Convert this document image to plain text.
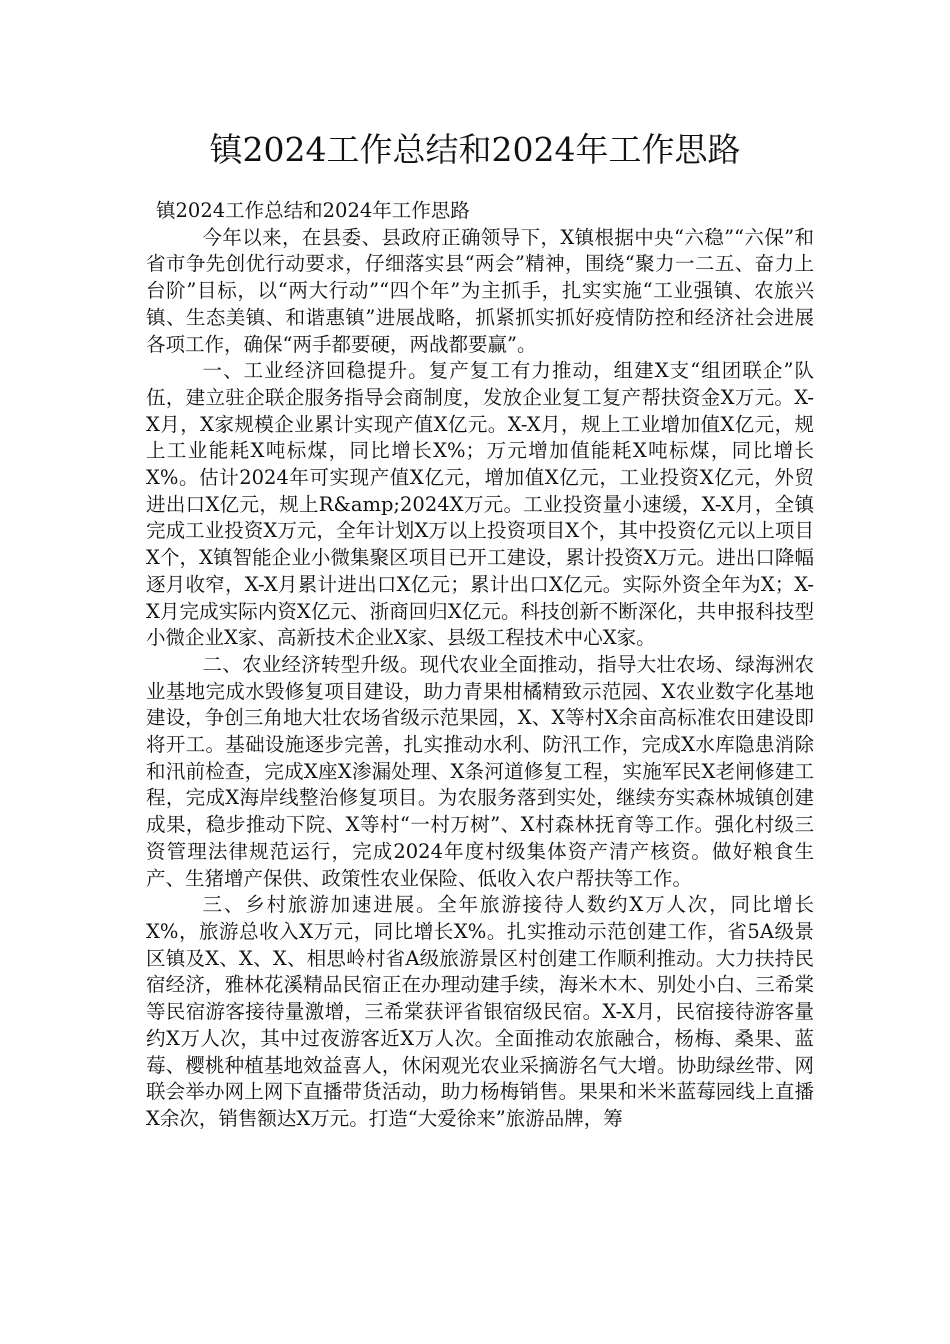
镇2024工作总结和2024年工作思路

镇2024工作总结和2024年工作思路

今年以来，在县委、县政府正确领导下，X镇根据中央“六稳”“六保”和省市争先创优行动要求，仔细落实县“两会”精神，围绕“聚力一二五、奋力上台阶”目标，以“两大行动”“四个年”为主抓手，扎实实施“工业强镇、农旅兴镇、生态美镇、和谐惠镇”进展战略，抓紧抓实抓好疫情防控和经济社会进展各项工作，确保“两手都要硬，两战都要赢”。

一、工业经济回稳提升。复产复工有力推动，组建X支“组团联企”队伍，建立驻企联企服务指导会商制度，发放企业复工复产帮扶资金X万元。X-X月，X家规模企业累计实现产值X亿元。X-X月，规上工业增加值X亿元，规上工业能耗X吨标煤，同比增长X%；万元增加值能耗X吨标煤，同比增长X%。估计2024年可实现产值X亿元，增加值X亿元，工业投资X亿元，外贸进出口X亿元，规上R&amp;2024X万元。工业投资量小速缓，X-X月，全镇完成工业投资X万元，全年计划X万以上投资项目X个，其中投资亿元以上项目X个，X镇智能企业小微集聚区项目已开工建设，累计投资X万元。进出口降幅逐月收窄，X-X月累计进出口X亿元；累计出口X亿元。实际外资全年为X；X-X月完成实际内资X亿元、浙商回归X亿元。科技创新不断深化，共申报科技型小微企业X家、高新技术企业X家、县级工程技术中心X家。

二、农业经济转型升级。现代农业全面推动，指导大壮农场、绿海洲农业基地完成水毁修复项目建设，助力青果柑橘精致示范园、X农业数字化基地建设，争创三角地大壮农场省级示范果园，X、X等村X余亩高标准农田建设即将开工。基础设施逐步完善，扎实推动水利、防汛工作，完成X水库隐患消除和汛前检查，完成X座X渗漏处理、X条河道修复工程，实施军民X老闸修建工程，完成X海岸线整治修复项目。为农服务落到实处，继续夯实森林城镇创建成果，稳步推动下院、X等村“一村万树”、X村森林抚育等工作。强化村级三资管理法律规范运行，完成2024年度村级集体资产清产核资。做好粮食生产、生猪增产保供、政策性农业保险、低收入农户帮扶等工作。

三、乡村旅游加速进展。全年旅游接待人数约X万人次，同比增长X%，旅游总收入X万元，同比增长X%。扎实推动示范创建工作，省5A级景区镇及X、X、X、相思岭村省A级旅游景区村创建工作顺利推动。大力扶持民宿经济，雅林花溪精品民宿正在办理动建手续，海米木木、别处小白、三希棠等民宿游客接待量激增，三希棠获评省银宿级民宿。X-X月，民宿接待游客量约X万人次，其中过夜游客近X万人次。全面推动农旅融合，杨梅、桑果、蓝莓、樱桃种植基地效益喜人，休闲观光农业采摘游名气大增。协助绿丝带、网联会举办网上网下直播带货活动，助力杨梅销售。果果和米米蓝莓园线上直播X余次，销售额达X万元。打造“大爱徐来”旅游品牌，筹
